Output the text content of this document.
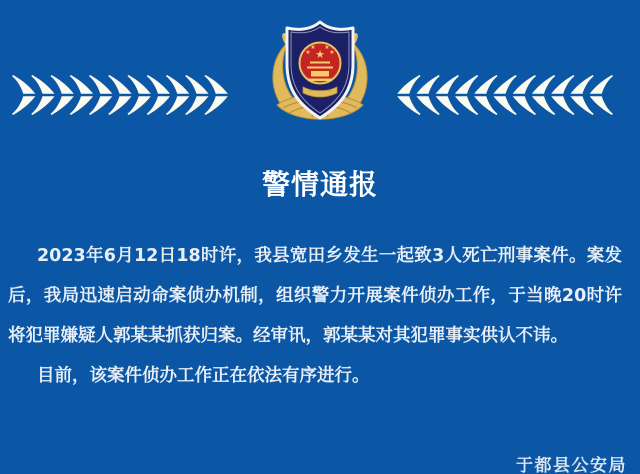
★
★
★ ★
★
警情通报

2023年6月12日18时许，我县宽田乡发生一起致3人死亡刑事案件。案发后，我局迅速启动命案侦办机制，组织警力开展案件侦办工作，于当晚20时许将犯罪嫌疑人郭某某抓获归案。经审讯，郭某某对其犯罪事实供认不讳。

目前，该案件侦办工作正在依法有序进行。

于都县公安局
